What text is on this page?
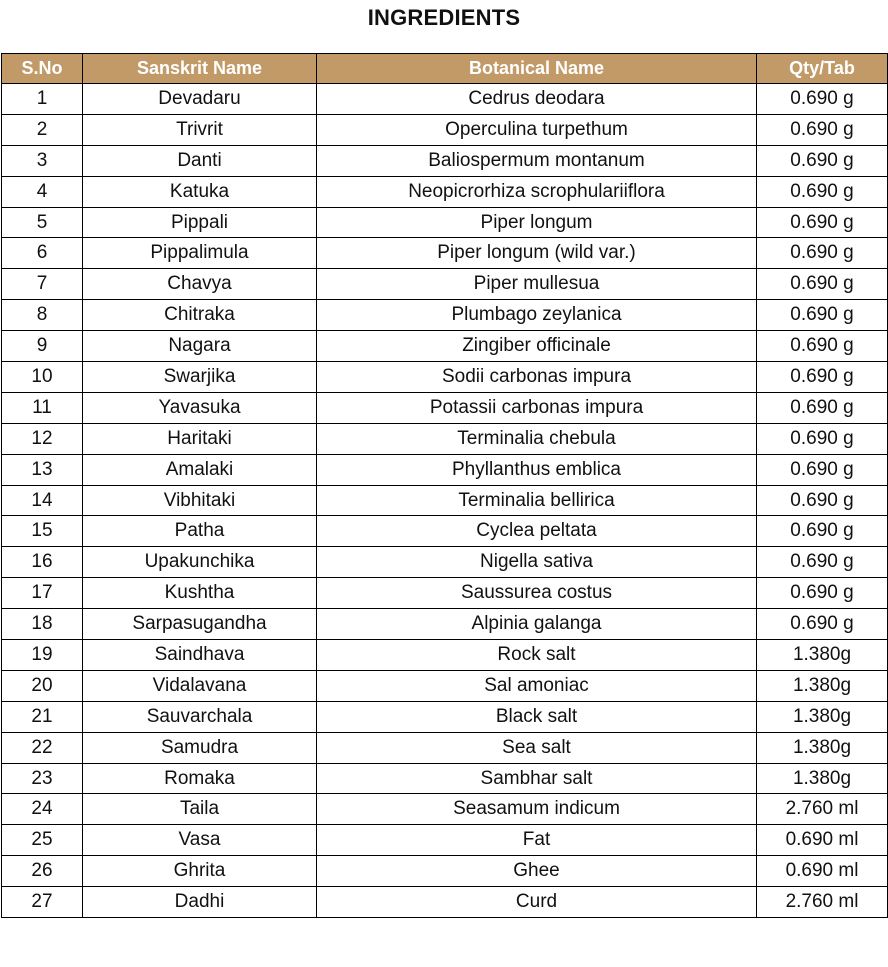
INGREDIENTS
S.No	Sanskrit Name	Botanical Name	Qty/Tab
1	Devadaru	Cedrus deodara	0.690 g
2	Trivrit	Operculina turpethum	0.690 g
3	Danti	Baliospermum montanum	0.690 g
4	Katuka	Neopicrorhiza scrophulariiflora	0.690 g
5	Pippali	Piper longum	0.690 g
6	Pippalimula	Piper longum (wild var.)	0.690 g
7	Chavya	Piper mullesua	0.690 g
8	Chitraka	Plumbago zeylanica	0.690 g
9	Nagara	Zingiber officinale	0.690 g
10	Swarjika	Sodii carbonas impura	0.690 g
11	Yavasuka	Potassii carbonas impura	0.690 g
12	Haritaki	Terminalia chebula	0.690 g
13	Amalaki	Phyllanthus emblica	0.690 g
14	Vibhitaki	Terminalia bellirica	0.690 g
15	Patha	Cyclea peltata	0.690 g
16	Upakunchika	Nigella sativa	0.690 g
17	Kushtha	Saussurea costus	0.690 g
18	Sarpasugandha	Alpinia galanga	0.690 g
19	Saindhava	Rock salt	1.380g
20	Vidalavana	Sal amoniac	1.380g
21	Sauvarchala	Black salt	1.380g
22	Samudra	Sea salt	1.380g
23	Romaka	Sambhar salt	1.380g
24	Taila	Seasamum indicum	2.760 ml
25	Vasa	Fat	0.690 ml
26	Ghrita	Ghee	0.690 ml
27	Dadhi	Curd	2.760 ml
